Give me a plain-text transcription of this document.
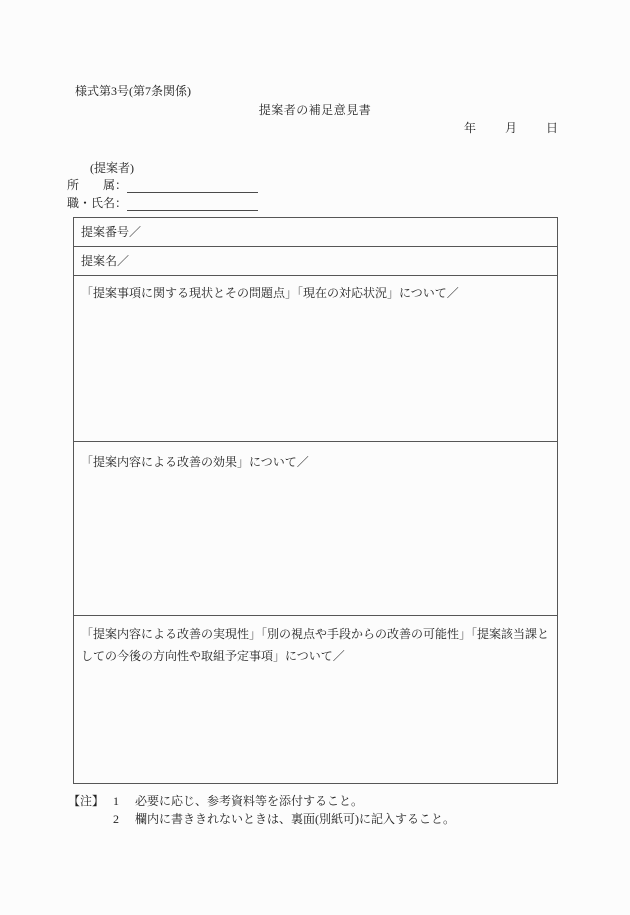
様式第3号(第7条関係)
提案者の補足意見書
年 月 日
(提案者)
所　　属：
職・氏名：
提案番号／
提案名／
「提案事項に関する現状とその問題点」「現在の対応状況」について／
「提案内容による改善の効果」について／
「提案内容による改善の実現性」「別の視点や手段からの改善の可能性」「提案該当課としての今後の方向性や取組予定事項」について／
【注】 1	必要に応じ、参考資料等を添付すること。
2	欄内に書ききれないときは、裏面(別紙可)に記入すること。
